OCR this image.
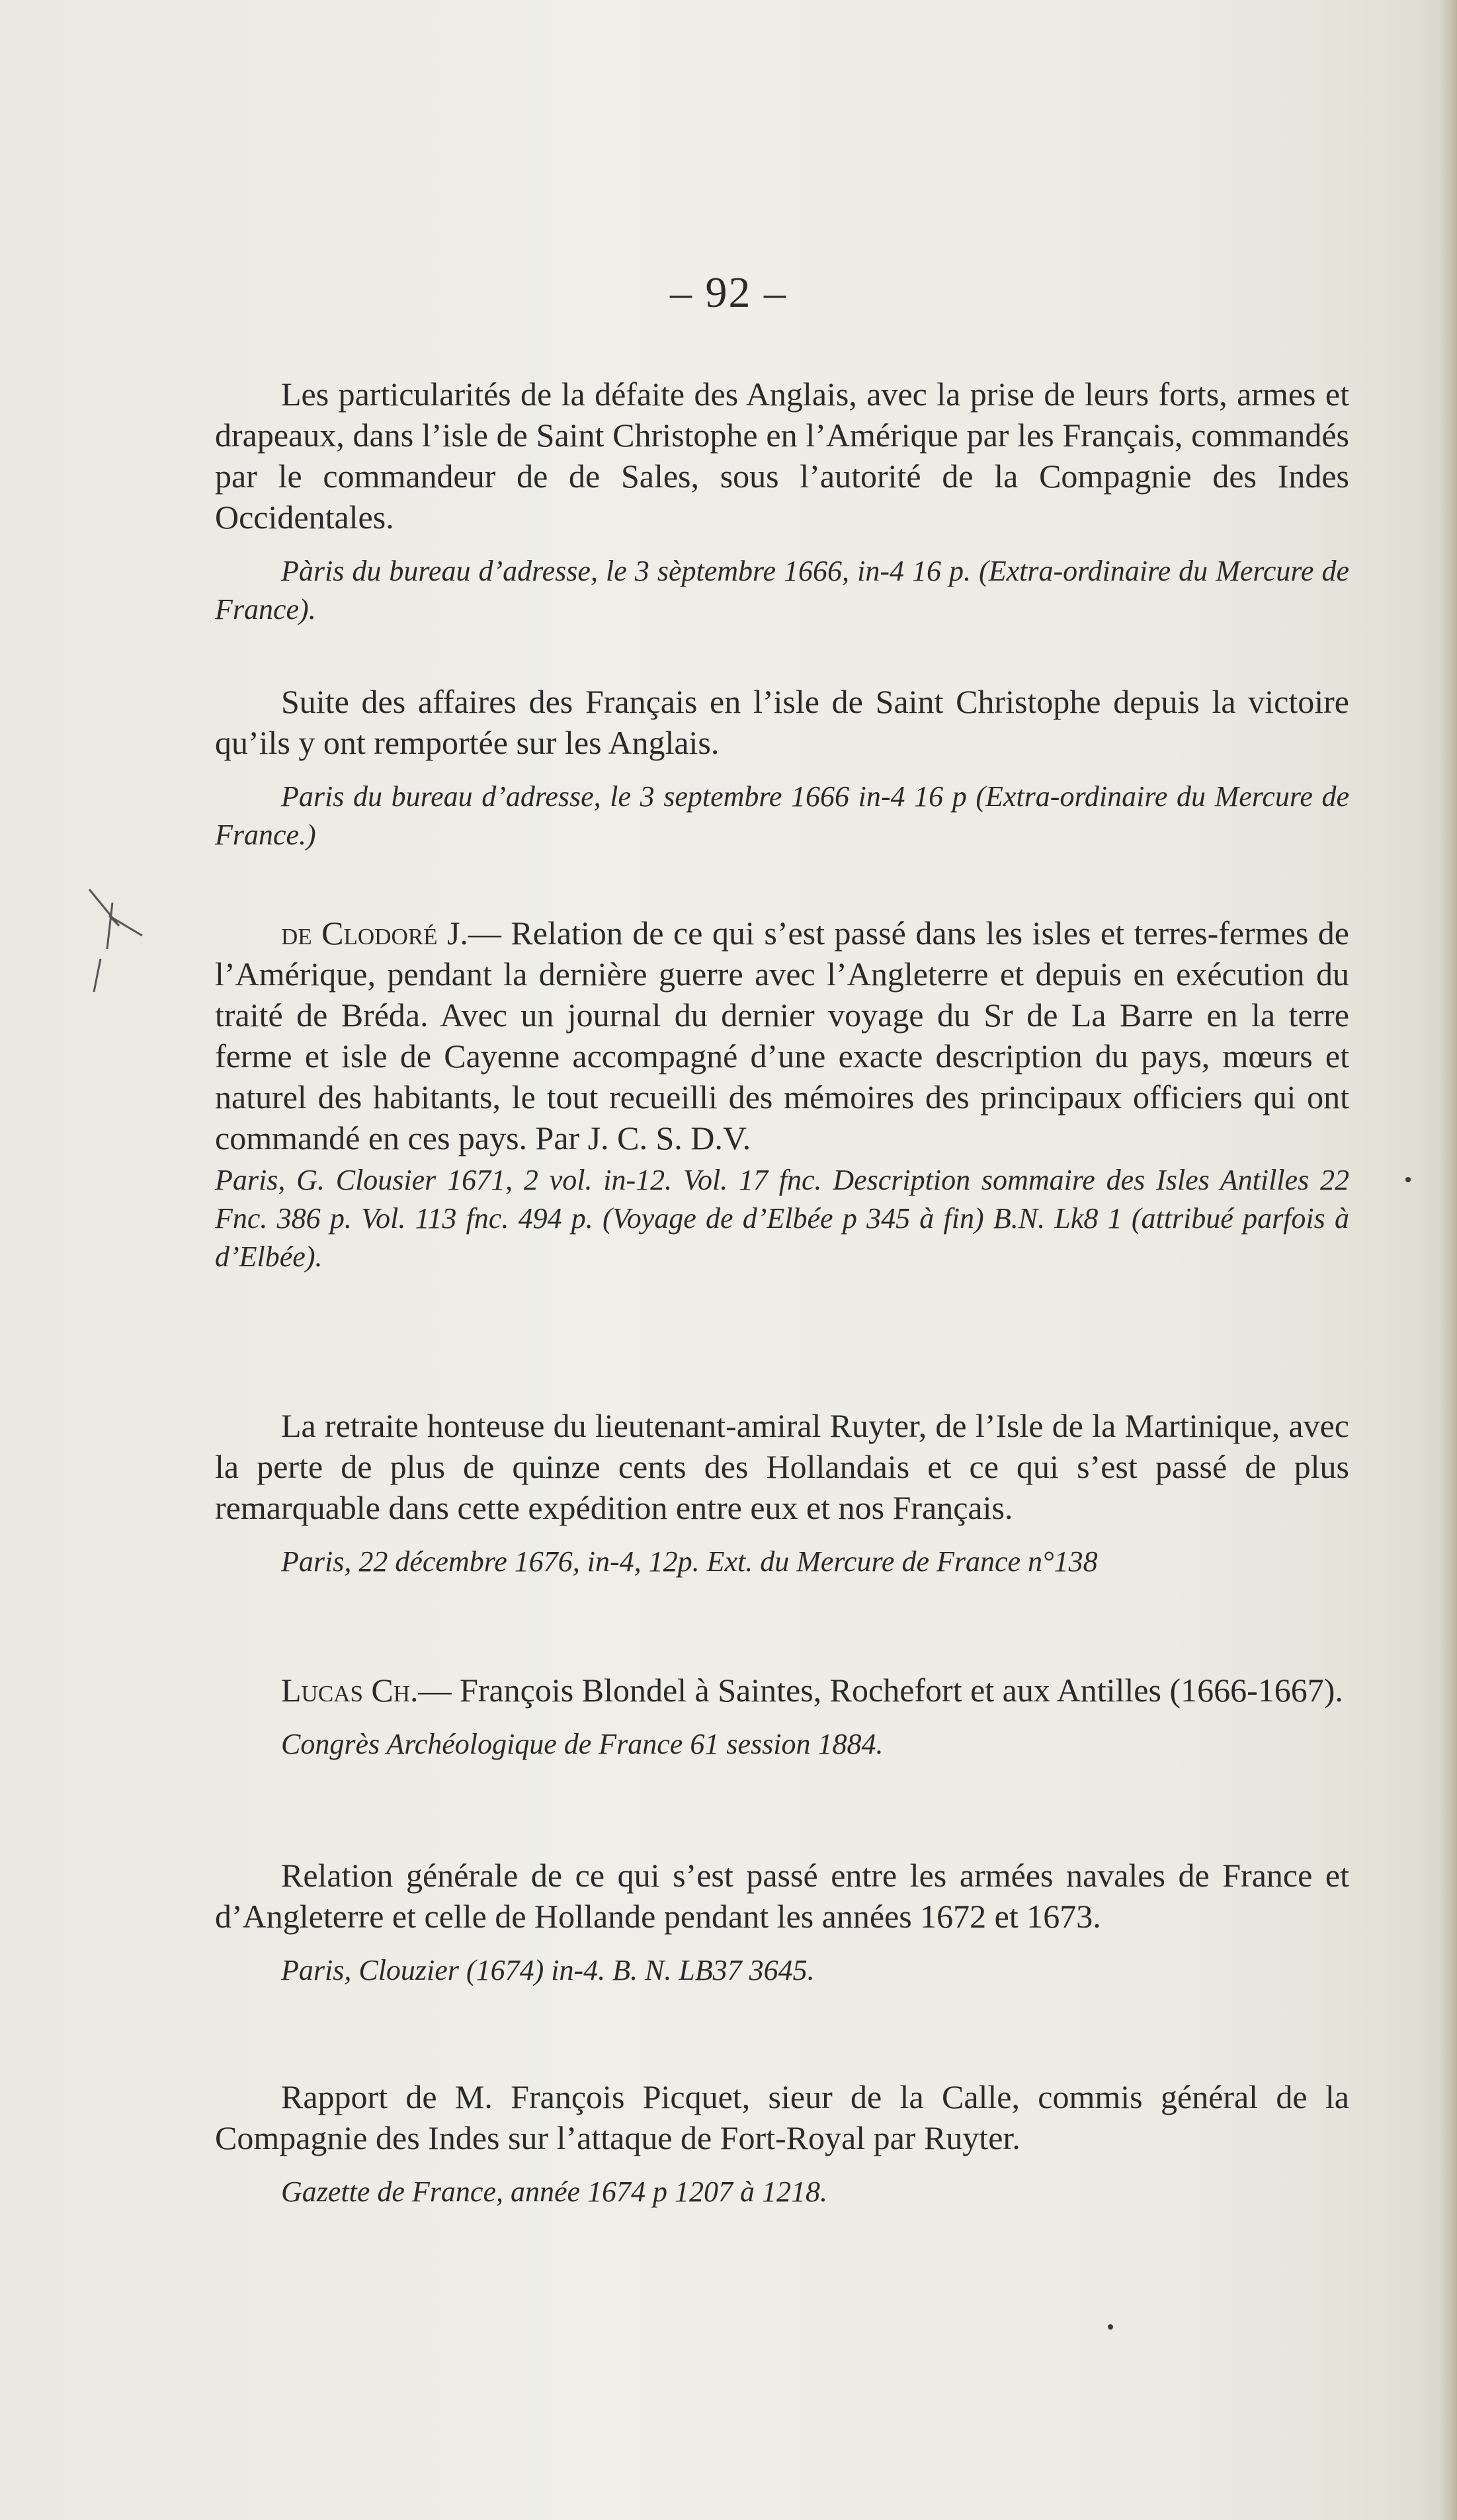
– 92 –

Les particularités de la défaite des Anglais, avec la prise de leurs forts, armes et drapeaux, dans l’isle de Saint Christophe en l’Amérique par les Français, commandés par le commandeur de de Sales, sous l’autorité de la Compagnie des Indes Occidentales.

Pàris du bureau d’adresse, le 3 sèptembre 1666, in-4 16 p. (Extra-ordinaire du Mercure de France).

Suite des affaires des Français en l’isle de Saint Christophe depuis la victoire qu’ils y ont remportée sur les Anglais.

Paris du bureau d’adresse, le 3 septembre 1666 in-4 16 p (Extra-ordinaire du Mercure de France.)

de Clodoré J.— Relation de ce qui s’est passé dans les isles et terres-fermes de l’Amérique, pendant la dernière guerre avec l’Angleterre et depuis en exécution du traité de Bréda. Avec un journal du dernier voyage du Sr de La Barre en la terre ferme et isle de Cayenne accompagné d’une exacte description du pays, mœurs et naturel des habitants, le tout recueilli des mémoires des principaux officiers qui ont commandé en ces pays. Par J. C. S. D.V.

Paris, G. Clousier 1671, 2 vol. in-12. Vol. 17 fnc. Description sommaire des Isles Antilles 22 Fnc. 386 p. Vol. 113 fnc. 494 p. (Voyage de d’Elbée p 345 à fin) B.N. Lk8 1 (attribué parfois à d’Elbée).

La retraite honteuse du lieutenant-amiral Ruyter, de l’Isle de la Martinique, avec la perte de plus de quinze cents des Hollandais et ce qui s’est passé de plus remarquable dans cette expédition entre eux et nos Français.

Paris, 22 décembre 1676, in-4, 12p. Ext. du Mercure de France n°138

Lucas Ch.— François Blondel à Saintes, Rochefort et aux Antilles (1666-1667).

Congrès Archéologique de France 61 session 1884.

Relation générale de ce qui s’est passé entre les armées navales de France et d’Angleterre et celle de Hollande pendant les années 1672 et 1673.

Paris, Clouzier (1674) in-4. B. N. LB37 3645.

Rapport de M. François Picquet, sieur de la Calle, commis général de la Compagnie des Indes sur l’attaque de Fort-Royal par Ruyter.

Gazette de France, année 1674 p 1207 à 1218.
